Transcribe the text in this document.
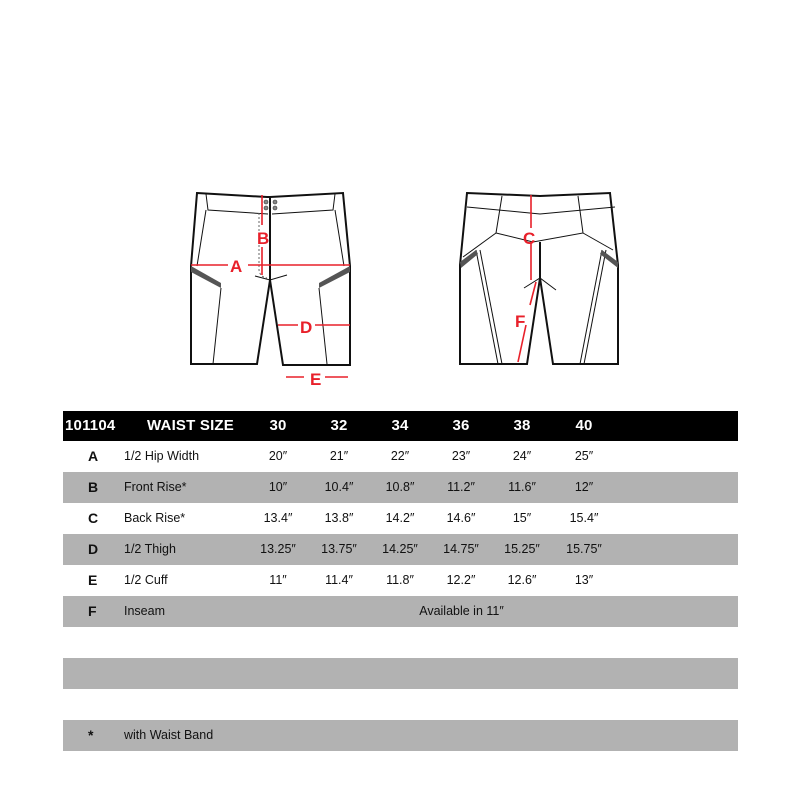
A
B
D
E
C
F
101104 WAIST SIZE	30	32	34	36	38	40
A 1/2 Hip Width	20″	21″	22″	23″	24″	25″
B Front Rise*	10″	10.4″	10.8″	11.2″	11.6″	12″
C Back Rise*	13.4″	13.8″	14.2″	14.6″	15″	15.4″
D 1/2 Thigh	13.25″	13.75″	14.25″	14.75″	15.25″	15.75″
E 1/2 Cuff	11″	11.4″	11.8″	12.2″	12.6″	13″
F Inseam	Available in 11″
* with Waist Band
